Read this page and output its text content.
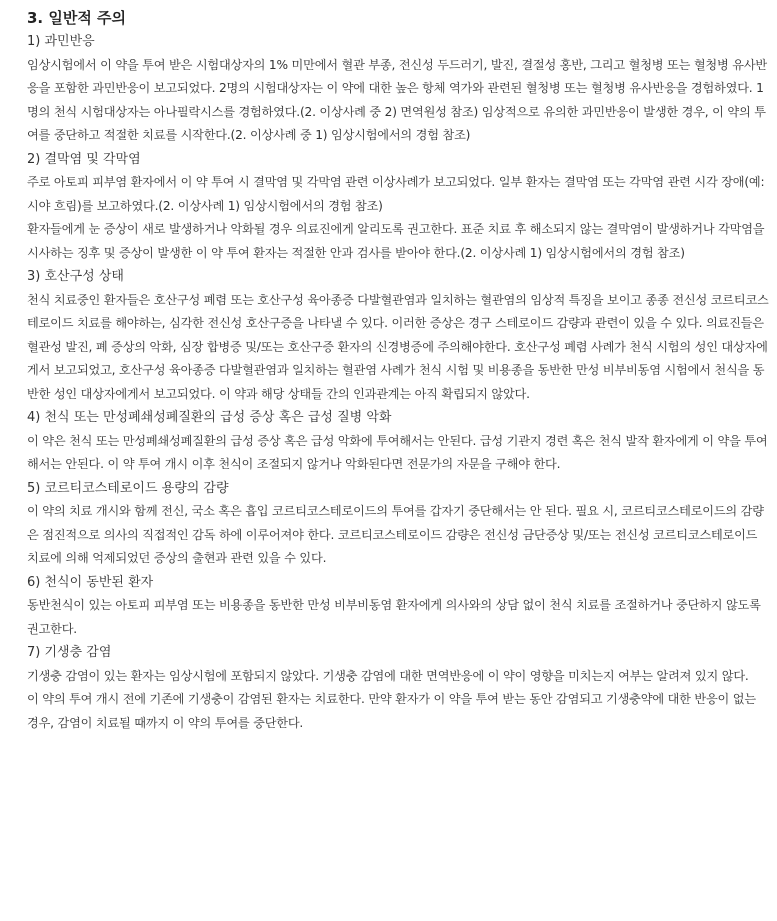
3. 일반적 주의

1) 과민반응

임상시험에서 이 약을 투여 받은 시험대상자의 1% 미만에서 혈관 부종, 전신성 두드러기, 발진, 결절성 홍반, 그리고 혈청병 또는 혈청병 유사반응을 포함한 과민반응이 보고되었다. 2명의 시험대상자는 이 약에 대한 높은 항체 역가와 관련된 혈청병 또는 혈청병 유사반응을 경험하였다. 1명의 천식 시험대상자는 아나필락시스를 경험하였다.(2. 이상사례 중 2) 면역원성 참조) 임상적으로 유의한 과민반응이 발생한 경우, 이 약의 투여를 중단하고 적절한 치료를 시작한다.(2. 이상사례 중 1) 임상시험에서의 경험 참조)

2) 결막염 및 각막염

주로 아토피 피부염 환자에서 이 약 투여 시 결막염 및 각막염 관련 이상사례가 보고되었다. 일부 환자는 결막염 또는 각막염 관련 시각 장애(예: 시야 흐림)를 보고하였다.(2. 이상사례 1) 임상시험에서의 경험 참조)

환자들에게 눈 증상이 새로 발생하거나 악화될 경우 의료진에게 알리도록 권고한다. 표준 치료 후 해소되지 않는 결막염이 발생하거나 각막염을 시사하는 징후 및 증상이 발생한 이 약 투여 환자는 적절한 안과 검사를 받아야 한다.(2. 이상사례 1) 임상시험에서의 경험 참조)

3) 호산구성 상태

천식 치료중인 환자들은 호산구성 폐렴 또는 호산구성 육아종증 다발혈관염과 일치하는 혈관염의 임상적 특징을 보이고 종종 전신성 코르티코스테로이드 치료를 해야하는, 심각한 전신성 호산구증을 나타낼 수 있다. 이러한 증상은 경구 스테로이드 감량과 관련이 있을 수 있다. 의료진들은 혈관성 발진, 폐 증상의 악화, 심장 합병증 및/또는 호산구증 환자의 신경병증에 주의해야한다. 호산구성 폐렴 사례가 천식 시험의 성인 대상자에게서 보고되었고, 호산구성 육아종증 다발혈관염과 일치하는 혈관염 사례가 천식 시험 및 비용종을 동반한 만성 비부비동염 시험에서 천식을 동반한 성인 대상자에게서 보고되었다. 이 약과 해당 상태들 간의 인과관계는 아직 확립되지 않았다.

4) 천식 또는 만성폐쇄성폐질환의 급성 증상 혹은 급성 질병 악화

이 약은 천식 또는 만성폐쇄성폐질환의 급성 증상 혹은 급성 악화에 투여해서는 안된다. 급성 기관지 경련 혹은 천식 발작 환자에게 이 약을 투여해서는 안된다. 이 약 투여 개시 이후 천식이 조절되지 않거나 악화된다면 전문가의 자문을 구해야 한다.

5) 코르티코스테로이드 용량의 감량

이 약의 치료 개시와 함께 전신, 국소 혹은 흡입 코르티코스테로이드의 투여를 갑자기 중단해서는 안 된다. 필요 시, 코르티코스테로이드의 감량은 점진적으로 의사의 직접적인 감독 하에 이루어져야 한다. 코르티코스테로이드 감량은 전신성 금단증상 및/또는 전신성 코르티코스테로이드 치료에 의해 억제되었던 증상의 출현과 관련 있을 수 있다.

6) 천식이 동반된 환자

동반천식이 있는 아토피 피부염 또는 비용종을 동반한 만성 비부비동염 환자에게 의사와의 상담 없이 천식 치료를 조절하거나 중단하지 않도록 권고한다.

7) 기생충 감염

기생충 감염이 있는 환자는 임상시험에 포함되지 않았다. 기생충 감염에 대한 면역반응에 이 약이 영향을 미치는지 여부는 알려져 있지 않다.

이 약의 투여 개시 전에 기존에 기생충이 감염된 환자는 치료한다. 만약 환자가 이 약을 투여 받는 동안 감염되고 기생충약에 대한 반응이 없는 경우, 감염이 치료될 때까지 이 약의 투여를 중단한다.
